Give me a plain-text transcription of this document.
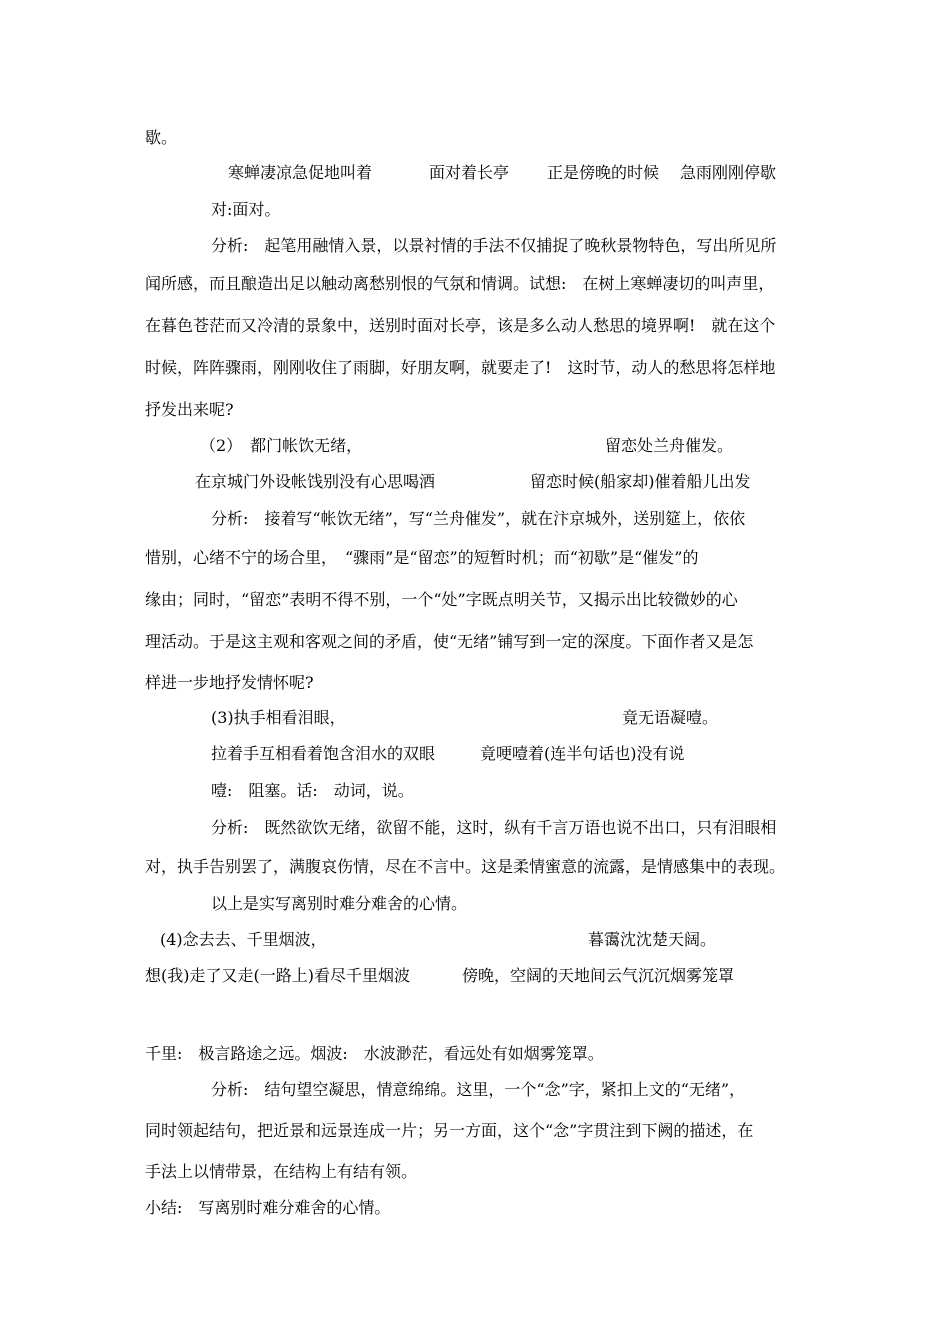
歇。
寒蝉凄凉急促地叫着	面对着长亭 正是傍晚的时候 急雨刚刚停歇
对:面对。
分析:　起笔用融情入景，以景衬情的手法不仅捕捉了晚秋景物特色，写出所见所
闻所感，而且酿造出足以触动离愁别恨的气氛和情调。试想:　在树上寒蝉凄切的叫声里，
在暮色苍茫而又冷清的景象中，送别时面对长亭，该是多么动人愁思的境界啊!　就在这个
时候，阵阵骤雨，刚刚收住了雨脚，好朋友啊，就要走了!　这时节，动人的愁思将怎样地
抒发出来呢?
（2）　都门帐饮无绪，	留恋处兰舟催发。
在京城门外设帐饯别没有心思喝酒	留恋时候(船家却)催着船儿出发
分析:　接着写“帐饮无绪”，写“兰舟催发”，就在汴京城外，送别筵上，依依
惜别，心绪不宁的场合里，　“骤雨”是“留恋”的短暂时机；而“初歇”是“催发”的
缘由；同时，“留恋”表明不得不别，一个“处”字既点明关节，又揭示出比较微妙的心
理活动。于是这主观和客观之间的矛盾，使“无绪”铺写到一定的深度。下面作者又是怎
样进一步地抒发情怀呢?
(3)执手相看泪眼，	竟无语凝噎。
拉着手互相看着饱含泪水的双眼	竟哽噎着(连半句话也)没有说
噎:　阻塞。话:　动词，说。
分析:　既然欲饮无绪，欲留不能，这时，纵有千言万语也说不出口，只有泪眼相
对，执手告别罢了，满腹哀伤情，尽在不言中。这是柔情蜜意的流露，是情感集中的表现。
以上是实写离别时难分难舍的心情。
(4)念去去、千里烟波，	暮霭沈沈楚天阔。
想(我)走了又走(一路上)看尽千里烟波	傍晚，空阔的天地间云气沉沉烟雾笼罩
千里:　极言路途之远。烟波:　水波渺茫，看远处有如烟雾笼罩。
分析:　结句望空凝思，情意绵绵。这里，一个“念”字，紧扣上文的“无绪”，
同时领起结句，把近景和远景连成一片；另一方面，这个“念”字贯注到下阙的描述，在
手法上以情带景，在结构上有结有领。
小结:　写离别时难分难舍的心情。
